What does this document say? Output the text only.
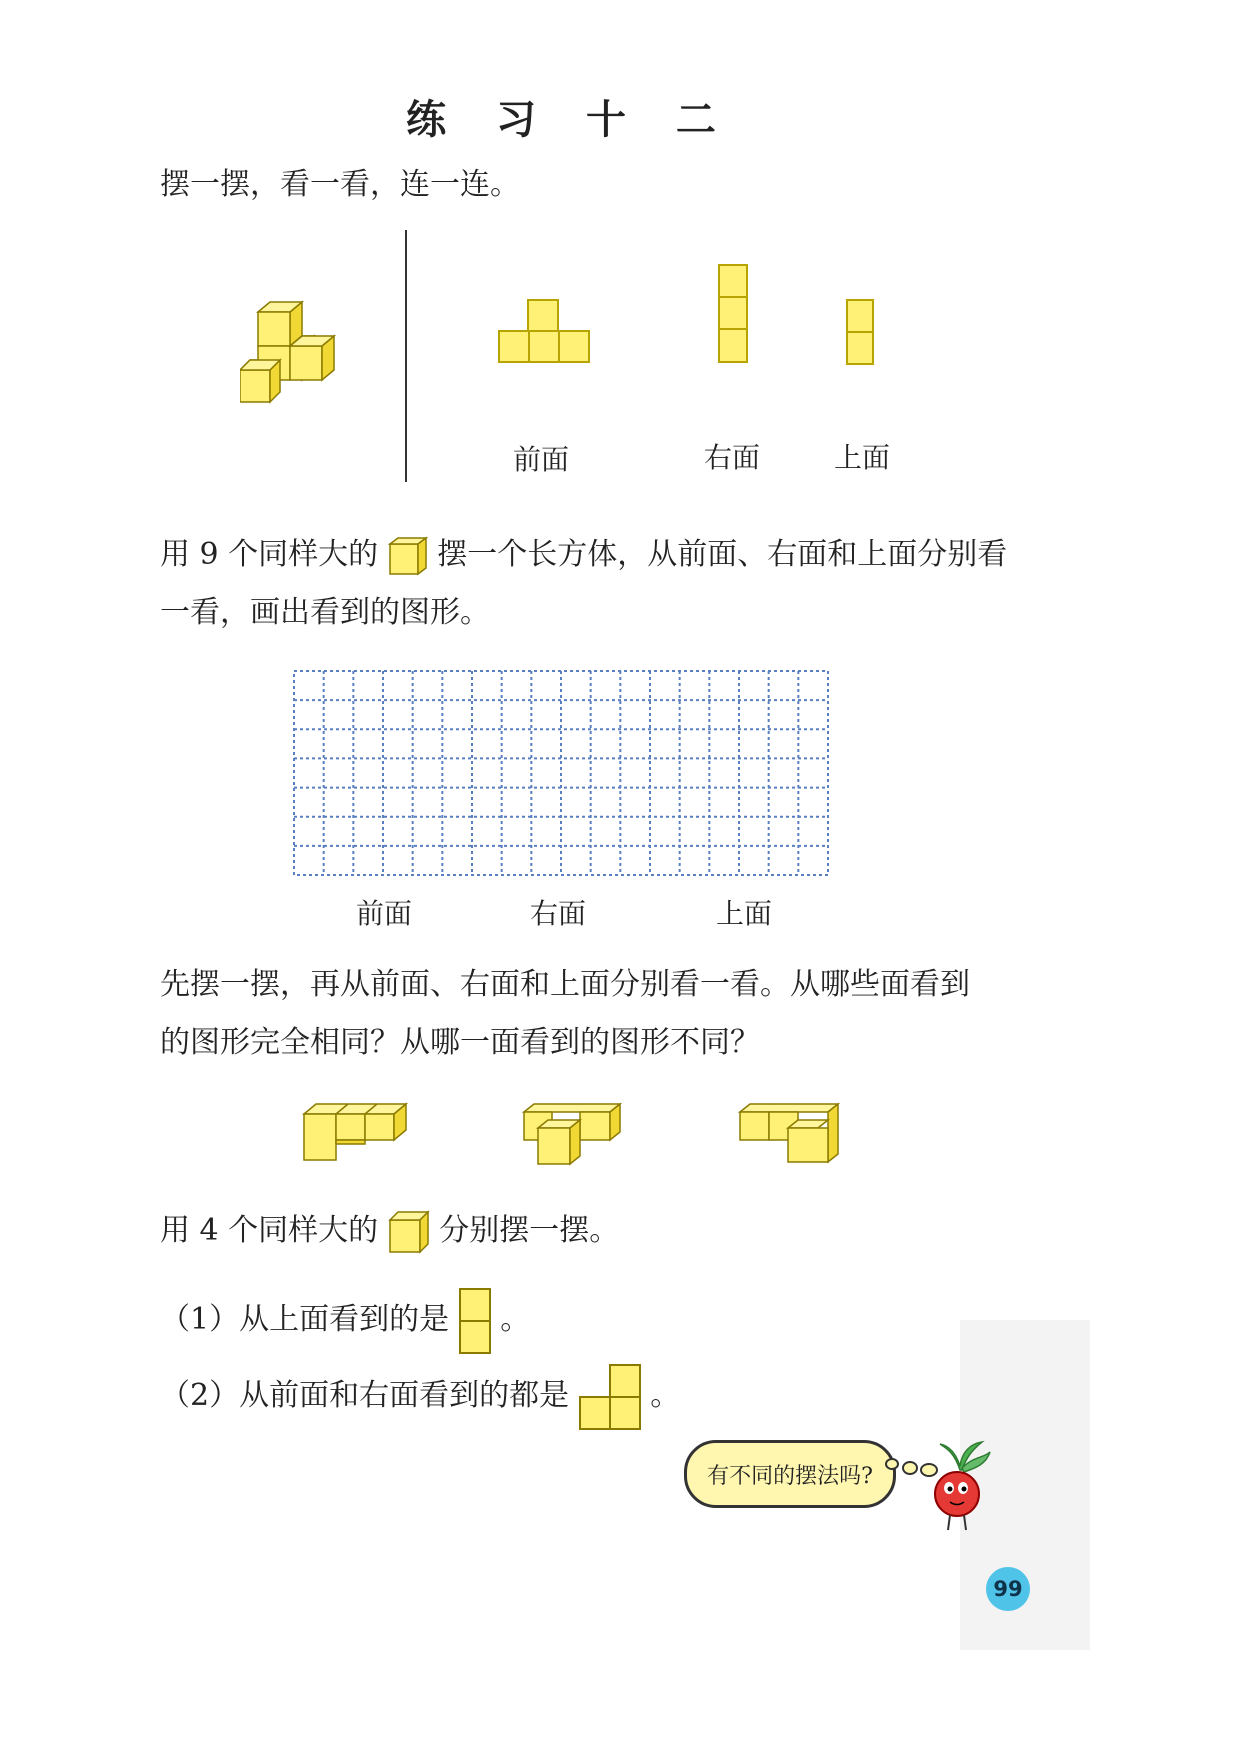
练 习 十 二
摆一摆，看一看，连一连。
前面	右面	上面
用 9 个同样大的 摆一个长方体，从前面、右面和上面分别看
一看，画出看到的图形。
前面	右面	上面
先摆一摆，再从前面、右面和上面分别看一看。从哪些面看到
的图形完全相同？从哪一面看到的图形不同？
用 4 个同样大的 分别摆一摆。
（1）从上面看到的是 。
（2）从前面和右面看到的都是	。
有不同的摆法吗?
99
